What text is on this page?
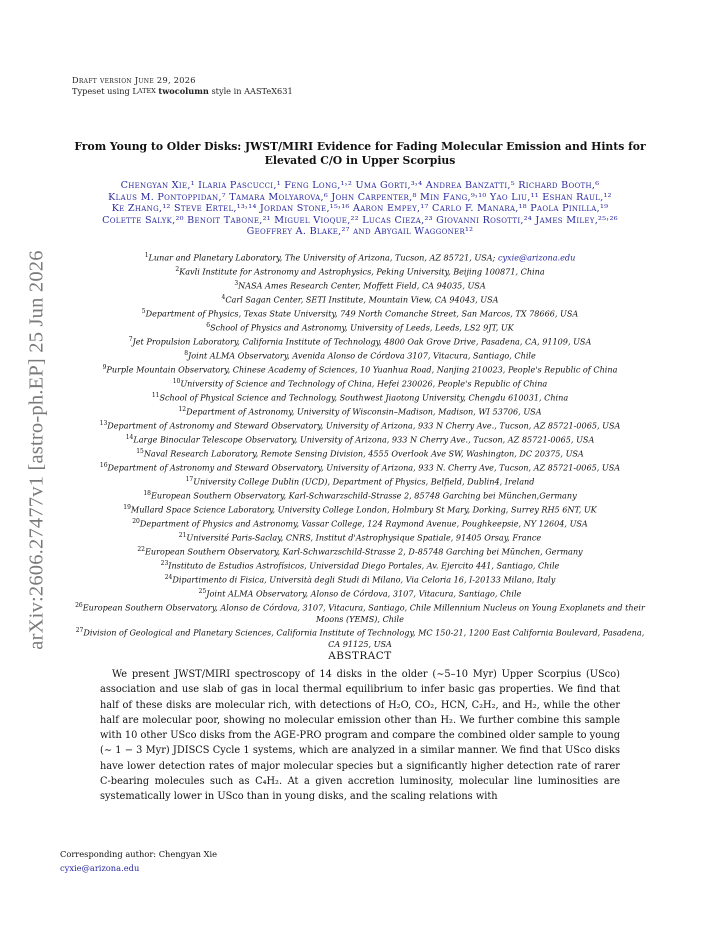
arXiv:2606.27477v1 [astro-ph.EP] 25 Jun 2026
Draft version June 29, 2026
Typeset using LATEX twocolumn style in AASTeX631
From Young to Older Disks: JWST/MIRI Evidence for Fading Molecular Emission and Hints for Elevated C/O in Upper Scorpius
Chengyan Xie,¹ Ilaria Pascucci,¹ Feng Long,¹˒² Uma Gorti,³˒⁴ Andrea Banzatti,⁵ Richard Booth,⁶
Klaus M. Pontoppidan,⁷ Tamara Molyarova,⁶ John Carpenter,⁸ Min Fang,⁹˒¹⁰ Yao Liu,¹¹ Eshan Raul,¹²
Ke Zhang,¹² Steve Ertel,¹³˒¹⁴ Jordan Stone,¹⁵˒¹⁶ Aaron Empey,¹⁷ Carlo F. Manara,¹⁸ Paola Pinilla,¹⁹
Colette Salyk,²⁰ Benoit Tabone,²¹ Miguel Vioque,²² Lucas Cieza,²³ Giovanni Rosotti,²⁴ James Miley,²⁵˒²⁶
Geoffrey A. Blake,²⁷ and Abygail Waggoner¹²
$^1$Lunar and Planetary Laboratory, The University of Arizona, Tucson, AZ 85721, USA; cyxie@arizona.edu
$^2$Kavli Institute for Astronomy and Astrophysics, Peking University, Beijing 100871, China
$^3$NASA Ames Research Center, Moffett Field, CA 94035, USA
$^4$Carl Sagan Center, SETI Institute, Mountain View, CA 94043, USA
$^5$Department of Physics, Texas State University, 749 North Comanche Street, San Marcos, TX 78666, USA
$^6$School of Physics and Astronomy, University of Leeds, Leeds, LS2 9JT, UK
$^7$Jet Propulsion Laboratory, California Institute of Technology, 4800 Oak Grove Drive, Pasadena, CA, 91109, USA
$^8$Joint ALMA Observatory, Avenida Alonso de Córdova 3107, Vitacura, Santiago, Chile
$^9$Purple Mountain Observatory, Chinese Academy of Sciences, 10 Yuanhua Road, Nanjing 210023, People's Republic of China
$^{10}$University of Science and Technology of China, Hefei 230026, People's Republic of China
$^{11}$School of Physical Science and Technology, Southwest Jiaotong University, Chengdu 610031, China
$^{12}$Department of Astronomy, University of Wisconsin–Madison, Madison, WI 53706, USA
$^{13}$Department of Astronomy and Steward Observatory, University of Arizona, 933 N Cherry Ave., Tucson, AZ 85721-0065, USA
$^{14}$Large Binocular Telescope Observatory, University of Arizona, 933 N Cherry Ave., Tucson, AZ 85721-0065, USA
$^{15}$Naval Research Laboratory, Remote Sensing Division, 4555 Overlook Ave SW, Washington, DC 20375, USA
$^{16}$Department of Astronomy and Steward Observatory, University of Arizona, 933 N. Cherry Ave, Tucson, AZ 85721-0065, USA
$^{17}$University College Dublin (UCD), Department of Physics, Belfield, Dublin4, Ireland
$^{18}$European Southern Observatory, Karl-Schwarzschild-Strasse 2, 85748 Garching bei München,Germany
$^{19}$Mullard Space Science Laboratory, University College London, Holmbury St Mary, Dorking, Surrey RH5 6NT, UK
$^{20}$Department of Physics and Astronomy, Vassar College, 124 Raymond Avenue, Poughkeepsie, NY 12604, USA
$^{21}$Université Paris-Saclay, CNRS, Institut d'Astrophysique Spatiale, 91405 Orsay, France
$^{22}$European Southern Observatory, Karl-Schwarzschild-Strasse 2, D-85748 Garching bei München, Germany
$^{23}$Instituto de Estudios Astrofísicos, Universidad Diego Portales, Av. Ejercito 441, Santiago, Chile
$^{24}$Dipartimento di Fisica, Università degli Studi di Milano, Via Celoria 16, I-20133 Milano, Italy
$^{25}$Joint ALMA Observatory, Alonso de Córdova, 3107, Vitacura, Santiago, Chile
$^{26}$European Southern Observatory, Alonso de Córdova, 3107, Vitacura, Santiago, Chile Millennium Nucleus on Young Exoplanets and their Moons (YEMS), Chile
$^{27}$Division of Geological and Planetary Sciences, California Institute of Technology, MC 150-21, 1200 East California Boulevard, Pasadena, CA 91125, USA
ABSTRACT

We present JWST/MIRI spectroscopy of 14 disks in the older (∼5–10 Myr) Upper Scorpius (USco) association and use slab of gas in local thermal equilibrium to infer basic gas properties. We find that half of these disks are molecular rich, with detections of H₂O, CO₂, HCN, C₂H₂, and H₂, while the other half are molecular poor, showing no molecular emission other than H₂. We further combine this sample with 10 other USco disks from the AGE-PRO program and compare the combined older sample to young (∼ 1 − 3 Myr) JDISCS Cycle 1 systems, which are analyzed in a similar manner. We find that USco disks have lower detection rates of major molecular species but a significantly higher detection rate of rarer C-bearing molecules such as C₄H₂. At a given accretion luminosity, molecular line luminosities are systematically lower in USco than in young disks, and the scaling relations with

Corresponding author: Chengyan Xie
cyxie@arizona.edu
